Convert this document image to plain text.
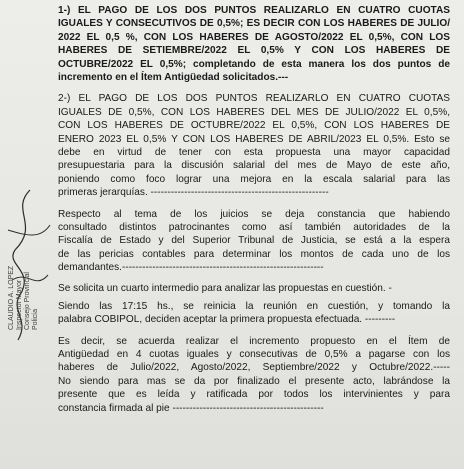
CLAUDIO A. LOPEZ Inspector Mayor Consejo Provincial Policía
1-) EL PAGO DE LOS DOS PUNTOS REALIZARLO EN CUATRO CUOTAS
IGUALES Y CONSECUTIVOS DE 0,5%; ES DECIR CON LOS HABERES DE JULIO/
2022 EL 0,5 %, CON LOS HABERES DE AGOSTO/2022 EL 0,5%, CON LOS
HABERES DE SETIEMBRE/2022 EL 0,5% Y CON LOS HABERES DE
OCTUBRE/2022 EL 0,5%; completando de esta manera los dos puntos de
incremento en el Ítem Antigüedad solicitados.---
2-) EL PAGO DE LOS DOS PUNTOS REALIZARLO EN CUATRO CUOTAS
IGUALES DE 0,5%, CON LOS HABERES DEL MES DE JULIO/2022 EL 0,5%,
CON LOS HABERES DE OCTUBRE/2022 EL 0,5%, CON LOS HABERES DE
ENERO 2023 EL 0,5% Y CON LOS HABERES DE ABRIL/2023 EL 0,5%. Esto se
debe en virtud de tener con esta propuesta una mayor capacidad
presupuestaria para la discusión salarial del mes de Mayo de este año,
poniendo como foco lograr una mejora en la escala salarial para las
primeras jerarquías. -----------------------------------------------------
Respecto al tema de los juicios se deja constancia que habiendo
consultado distintos patrocinantes como así también autoridades de la
Fiscalía de Estado y del Superior Tribunal de Justicia, se está a la espera
de las pericias contables para determinar los montos de cada uno de los
demandantes.------------------------------------------------------------
Se solicita un cuarto intermedio para analizar las propuestas en cuestión. -
Siendo las 17:15 hs., se reinicia la reunión en cuestión, y tomando la
palabra COBIPOL, deciden aceptar la primera propuesta efectuada. ---------
Es decir, se acuerda realizar el incremento propuesto en el Ítem de
Antigüedad en 4 cuotas iguales y consecutivas de 0,5% a pagarse con los
haberes de Julio/2022, Agosto/2022, Septiembre/2022 y Octubre/2022.-----
No siendo para mas se da por finalizado el presente acto, labrándose la
presente que es leída y ratificada por todos los intervinientes y para
constancia firmada al pie ---------------------------------------------
